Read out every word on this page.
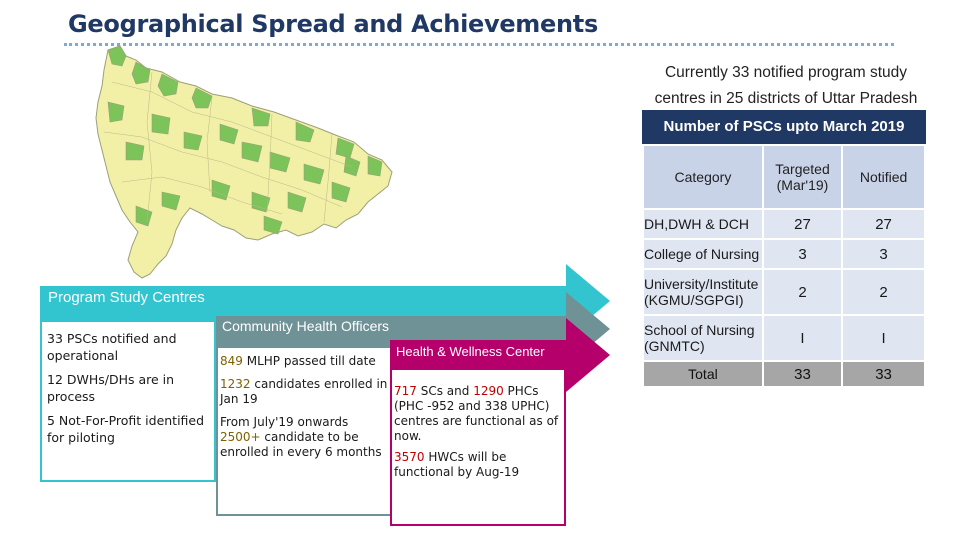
Geographical Spread and Achievements
Currently 33 notified program study
centres in 25 districts of Uttar Pradesh
Number of PSCs upto March 2019
Category	Targeted (Mar'19)	Notified
DH,DWH & DCH	27	27
College of Nursing	3	3
University/Institute (KGMU/SGPGI)	2	2
School of Nursing (GNMTC)	I	I
Total	33	33
Program Study Centres

33 PSCs notified and operational

12 DWHs/DHs are in process

5 Not-For-Profit identified for piloting

Community Health Officers

849 MLHP passed till date

1232 candidates enrolled in Jan 19

From July'19 onwards 2500+ candidate to be enrolled in every 6 months

Health & Wellness Center

717 SCs and 1290 PHCs (PHC -952 and 338 UPHC) centres are functional as of now.

3570 HWCs will be functional by Aug-19
